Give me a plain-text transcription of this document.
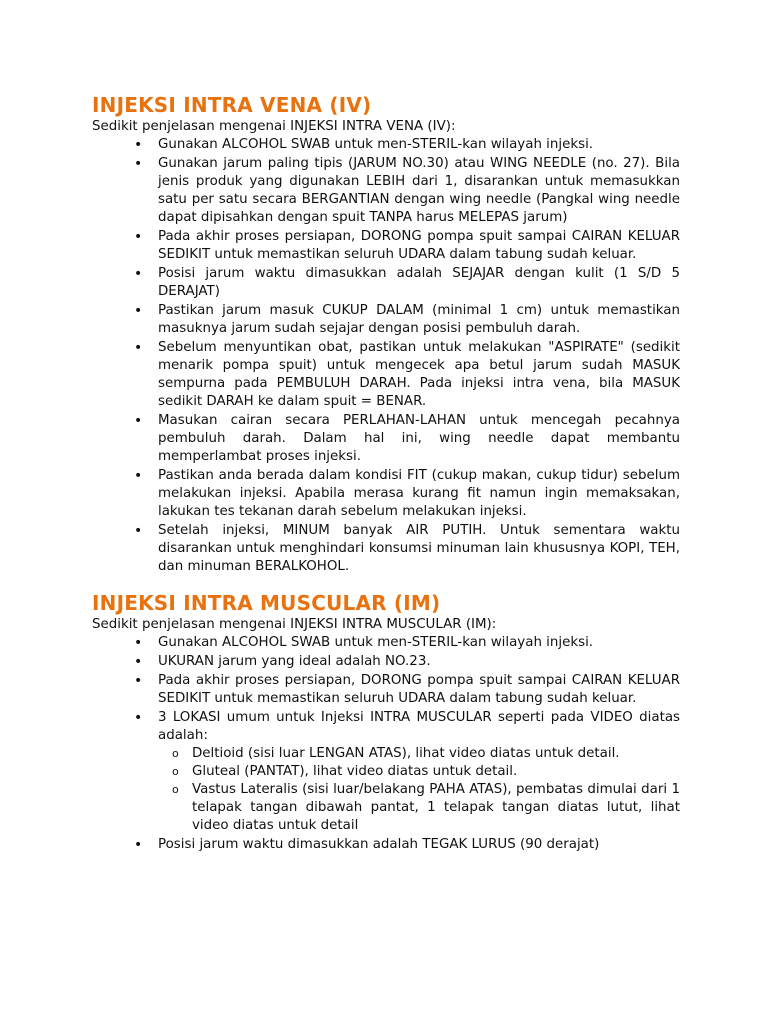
INJEKSI INTRA VENA (IV)

Sedikit penjelasan mengenai INJEKSI INTRA VENA (IV):

• Gunakan ALCOHOL SWAB untuk men-STERIL-kan wilayah injeksi.
• Gunakan jarum paling tipis (JARUM NO.30) atau WING NEEDLE (no. 27). Bila jenis produk yang digunakan LEBIH dari 1, disarankan untuk memasukkan satu per satu secara BERGANTIAN dengan wing needle (Pangkal wing needle dapat dipisahkan dengan spuit TANPA harus MELEPAS jarum)
• Pada akhir proses persiapan, DORONG pompa spuit sampai CAIRAN KELUAR SEDIKIT untuk memastikan seluruh UDARA dalam tabung sudah keluar.
• Posisi jarum waktu dimasukkan adalah SEJAJAR dengan kulit (1 S/D 5 DERAJAT)
• Pastikan jarum masuk CUKUP DALAM (minimal 1 cm) untuk memastikan masuknya jarum sudah sejajar dengan posisi pembuluh darah.
• Sebelum menyuntikan obat, pastikan untuk melakukan "ASPIRATE" (sedikit menarik pompa spuit) untuk mengecek apa betul jarum sudah MASUK sempurna pada PEMBULUH DARAH. Pada injeksi intra vena, bila MASUK sedikit DARAH ke dalam spuit = BENAR.
• Masukan cairan secara PERLAHAN-LAHAN untuk mencegah pecahnya pembuluh darah. Dalam hal ini, wing needle dapat membantu memperlambat proses injeksi.
• Pastikan anda berada dalam kondisi FIT (cukup makan, cukup tidur) sebelum melakukan injeksi. Apabila merasa kurang fit namun ingin memaksakan, lakukan tes tekanan darah sebelum melakukan injeksi.
• Setelah injeksi, MINUM banyak AIR PUTIH. Untuk sementara waktu disarankan untuk menghindari konsumsi minuman lain khususnya KOPI, TEH, dan minuman BERALKOHOL.
INJEKSI INTRA MUSCULAR (IM)

Sedikit penjelasan mengenai INJEKSI INTRA MUSCULAR (IM):

• Gunakan ALCOHOL SWAB untuk men-STERIL-kan wilayah injeksi.
• UKURAN jarum yang ideal adalah NO.23.
• Pada akhir proses persiapan, DORONG pompa spuit sampai CAIRAN KELUAR SEDIKIT untuk memastikan seluruh UDARA dalam tabung sudah keluar.
• 3 LOKASI umum untuk Injeksi INTRA MUSCULAR seperti pada VIDEO diatas adalah:
o Deltioid (sisi luar LENGAN ATAS), lihat video diatas untuk detail.
o Gluteal (PANTAT), lihat video diatas untuk detail.
o Vastus Lateralis (sisi luar/belakang PAHA ATAS), pembatas dimulai dari 1 telapak tangan dibawah pantat, 1 telapak tangan diatas lutut, lihat video diatas untuk detail
• Posisi jarum waktu dimasukkan adalah TEGAK LURUS (90 derajat)
